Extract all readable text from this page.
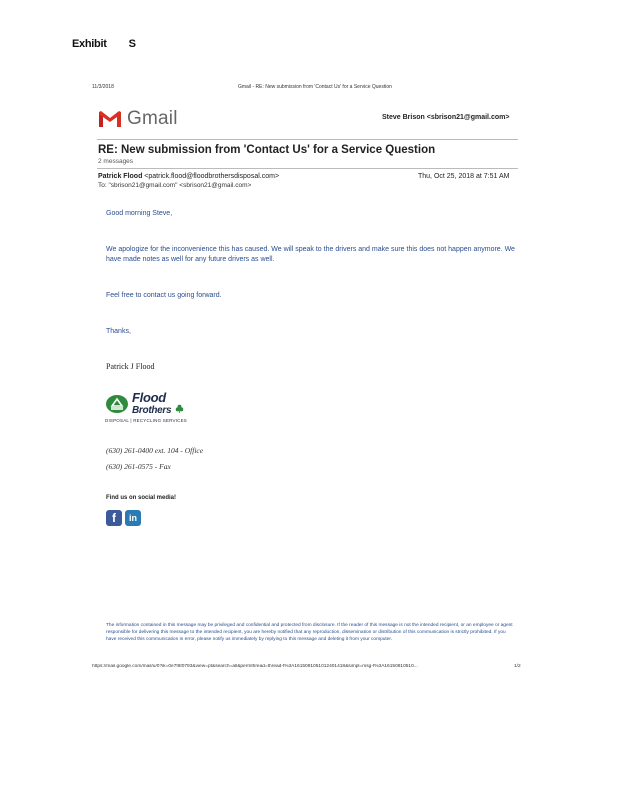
Exhibit S
11/3/2018	Gmail - RE: New submission from 'Contact Us' for a Service Question
Gmail	Steve Brison <sbrison21@gmail.com>
RE: New submission from 'Contact Us' for a Service Question
2 messages
Patrick Flood <patrick.flood@floodbrothersdisposal.com>	Thu, Oct 25, 2018 at 7:51 AM
To: "sbrison21@gmail.com" <sbrison21@gmail.com>
Good morning Steve,
We apologize for the inconvenience this has caused. We will speak to the drivers and make sure this does not happen anymore. We have made notes as well for any future drivers as well.
Feel free to contact us going forward.
Thanks,
Patrick J Flood
Flood
Brothers
DISPOSAL | RECYCLING SERVICES
(630) 261-0400 ext. 104 - Office
(630) 261-0575 - Fax
Find us on social media!
f	in
The information contained in this message may be privileged and confidential and protected from disclosure. If the reader of this message is not the intended recipient, or an employee or agent responsible for delivering this message to the intended recipient, you are hereby notified that any reproduction, dissemination or distribution of this communication is strictly prohibited. If you have received this communication in error, please notify us immediately by replying to this message and deleting it from your computer.
https://mail.google.com/mail/u/0?ik=0e7f6f0793&view=pt&search=all&permthread=thread-f%3A1615081051012401418&simpl=msg-f%3A16150810510...	1/2
